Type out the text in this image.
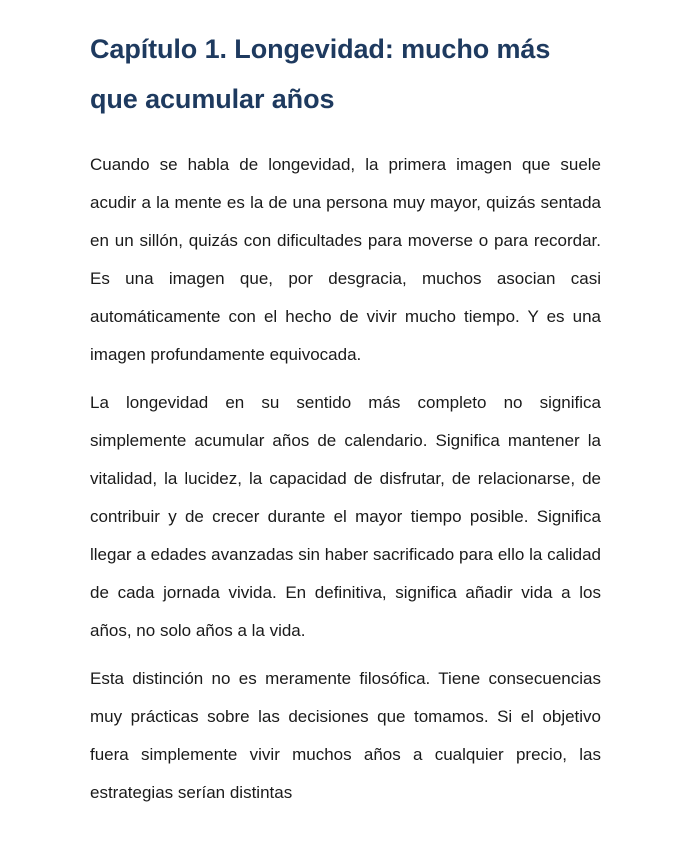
Capítulo 1. Longevidad: mucho más que acumular años

Cuando se habla de longevidad, la primera imagen que suele acudir a la mente es la de una persona muy mayor, quizás sentada en un sillón, quizás con dificultades para moverse o para recordar. Es una imagen que, por desgracia, muchos asocian casi automáticamente con el hecho de vivir mucho tiempo. Y es una imagen profundamente equivocada.

La longevidad en su sentido más completo no significa simplemente acumular años de calendario. Significa mantener la vitalidad, la lucidez, la capacidad de disfrutar, de relacionarse, de contribuir y de crecer durante el mayor tiempo posible. Significa llegar a edades avanzadas sin haber sacrificado para ello la calidad de cada jornada vivida. En definitiva, significa añadir vida a los años, no solo años a la vida.

Esta distinción no es meramente filosófica. Tiene consecuencias muy prácticas sobre las decisiones que tomamos. Si el objetivo fuera simplemente vivir muchos años a cualquier precio, las estrategias serían distintas
